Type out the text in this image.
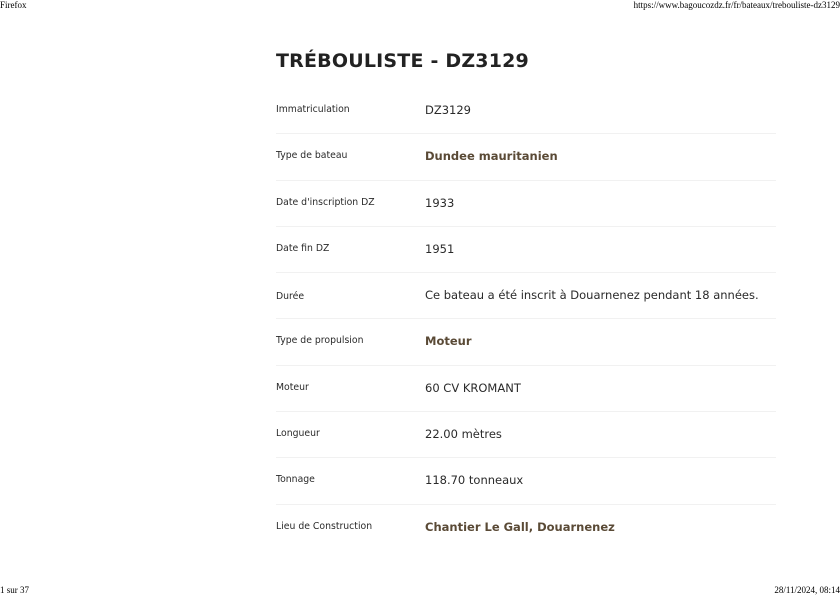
Firefox	https://www.bagoucozdz.fr/fr/bateaux/trebouliste-dz3129
TRÉBOULISTE - DZ3129
Immatriculation	DZ3129
Type de bateau	Dundee mauritanien
Date d'inscription DZ	1933
Date fin DZ	1951
Durée	Ce bateau a été inscrit à Douarnenez pendant 18 années.
Type de propulsion	Moteur
Moteur	60 CV KROMANT
Longueur	22.00 mètres
Tonnage	118.70 tonneaux
Lieu de Construction	Chantier Le Gall, Douarnenez
1 sur 37	28/11/2024, 08:14
